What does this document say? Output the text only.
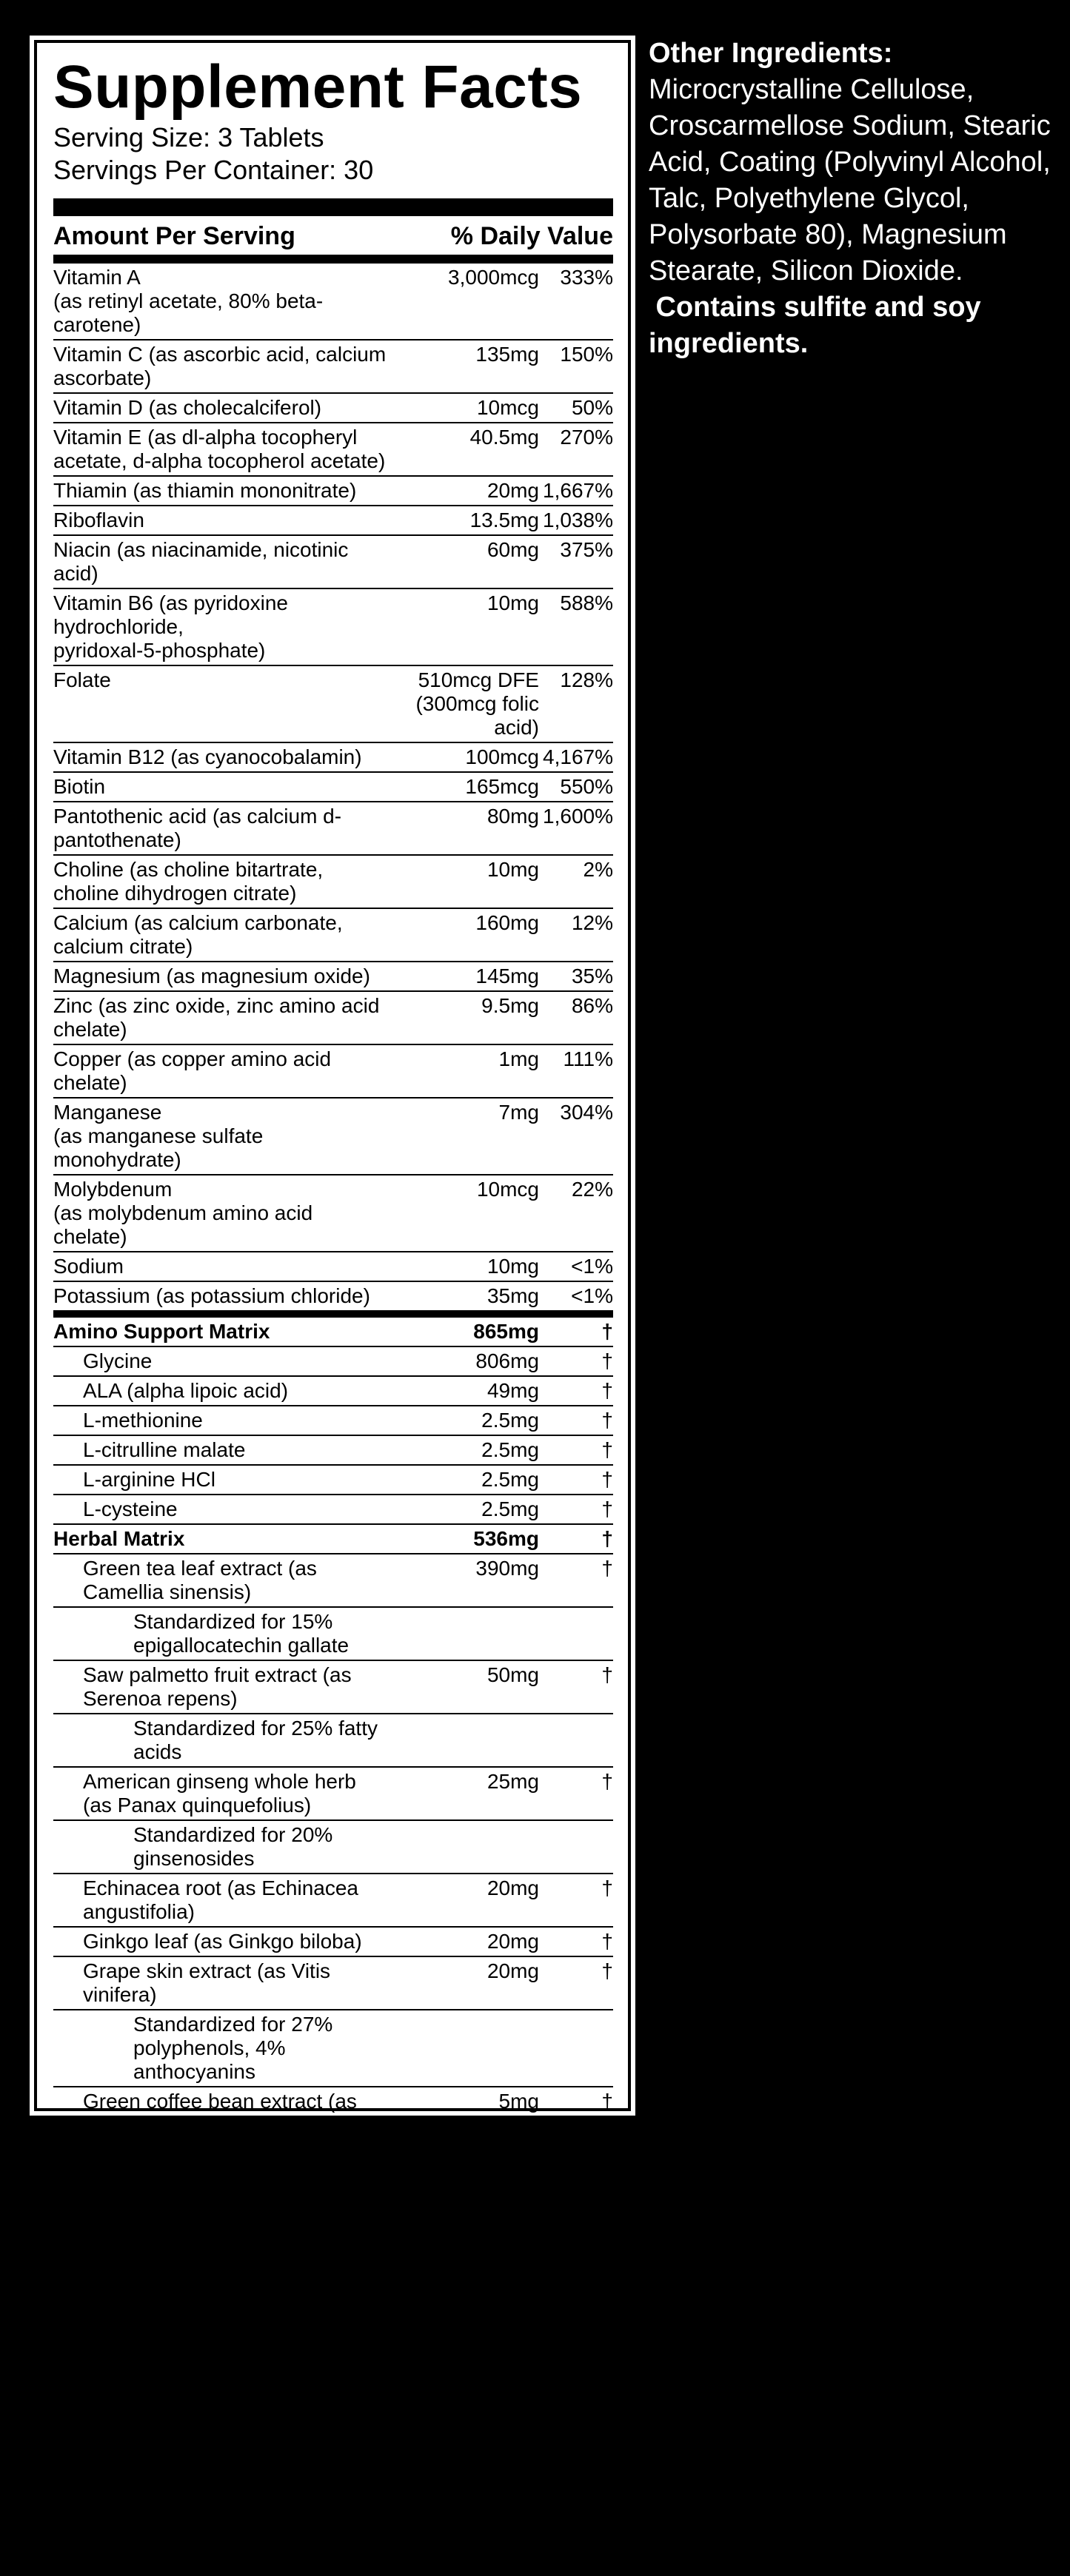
Supplement Facts
Serving Size: 3 Tablets
Servings Per Container: 30
Amount Per Serving	% Daily Value
Vitamin A
(as retinyl acetate, 80% beta-carotene)
3,000mcg	333%
Vitamin C (as ascorbic acid, calcium ascorbate)
135mg	150%
Vitamin D (as cholecalciferol)	10mcg	50%
Vitamin E (as dl-alpha tocopheryl
acetate, d-alpha tocopherol acetate)
40.5mg	270%
Thiamin (as thiamin mononitrate)	20mg 1,667%
Riboflavin	13.5mg 1,038%
Niacin (as niacinamide, nicotinic acid)
60mg	375%
Vitamin B6 (as pyridoxine hydrochloride,
pyridoxal-5-phosphate)
10mg	588%
Folate	510mcg DFE
(300mcg folic acid)
128%
Vitamin B12 (as cyanocobalamin)	100mcg 4,167%
Biotin	165mcg	550%
Pantothenic acid (as calcium d-pantothenate)
80mg 1,600%
Choline (as choline bitartrate,
choline dihydrogen citrate)
10mg	2%
Calcium (as calcium carbonate, calcium citrate)
160mg	12%
Magnesium (as magnesium oxide)	145mg	35%
Zinc (as zinc oxide, zinc amino acid chelate)
9.5mg	86%
Copper (as copper amino acid chelate)
1mg	111%
Manganese
(as manganese sulfate monohydrate)
7mg	304%
Molybdenum
(as molybdenum amino acid chelate)
10mcg	22%
Sodium	10mg	<1%
Potassium (as potassium chloride)	35mg	<1%
Amino Support Matrix	865mg	†
Glycine	806mg	†
ALA (alpha lipoic acid)	49mg	†
L-methionine	2.5mg	†
L-citrulline malate	2.5mg	†
L-arginine HCl	2.5mg	†
L-cysteine	2.5mg	†
Herbal Matrix	536mg	†
Green tea leaf extract (as Camellia sinensis)
390mg	†
Standardized for 15% epigallocatechin gallate
Saw palmetto fruit extract (as Serenoa repens)
50mg	†
Standardized for 25% fatty acids
American ginseng whole herb
(as Panax quinquefolius)
25mg	†
Standardized for 20% ginsenosides
Echinacea root (as Echinacea angustifolia)
20mg	†
Ginkgo leaf (as Ginkgo biloba)	20mg	†
Grape skin extract (as Vitis vinifera)
20mg	†
Standardized for 27% polyphenols, 4% anthocyanins
Green coffee bean extract (as Coffea arabica)
5mg	†
Standardized for 45% chlorogenic acids
Turmeric rhizome extract (as Curcuma longa)
5mg	†
Octacosanol (from rice wax)	1.25mg	†
Mineral Support Complex	119mg	†
Potassium chloride	72mg	†
Choline bitartrate	14mg	†
Choline dihydrogen citrate	13mg	†
Inositol	10mg	†
Boron (as boron citrate)	10mg	†
Enzyme Complex	50mg	†
Amylase	25mg	†
Papain	25mg	†
† Daily Value not established.
Other Ingredients:
Microcrystalline Cellulose, Croscarmellose Sodium, Stearic Acid, Coating (Polyvinyl Alcohol, Talc, Polyethylene Glycol, Polysorbate 80), Magnesium Stearate, Silicon Dioxide. Contains sulfite and soy ingredients.
